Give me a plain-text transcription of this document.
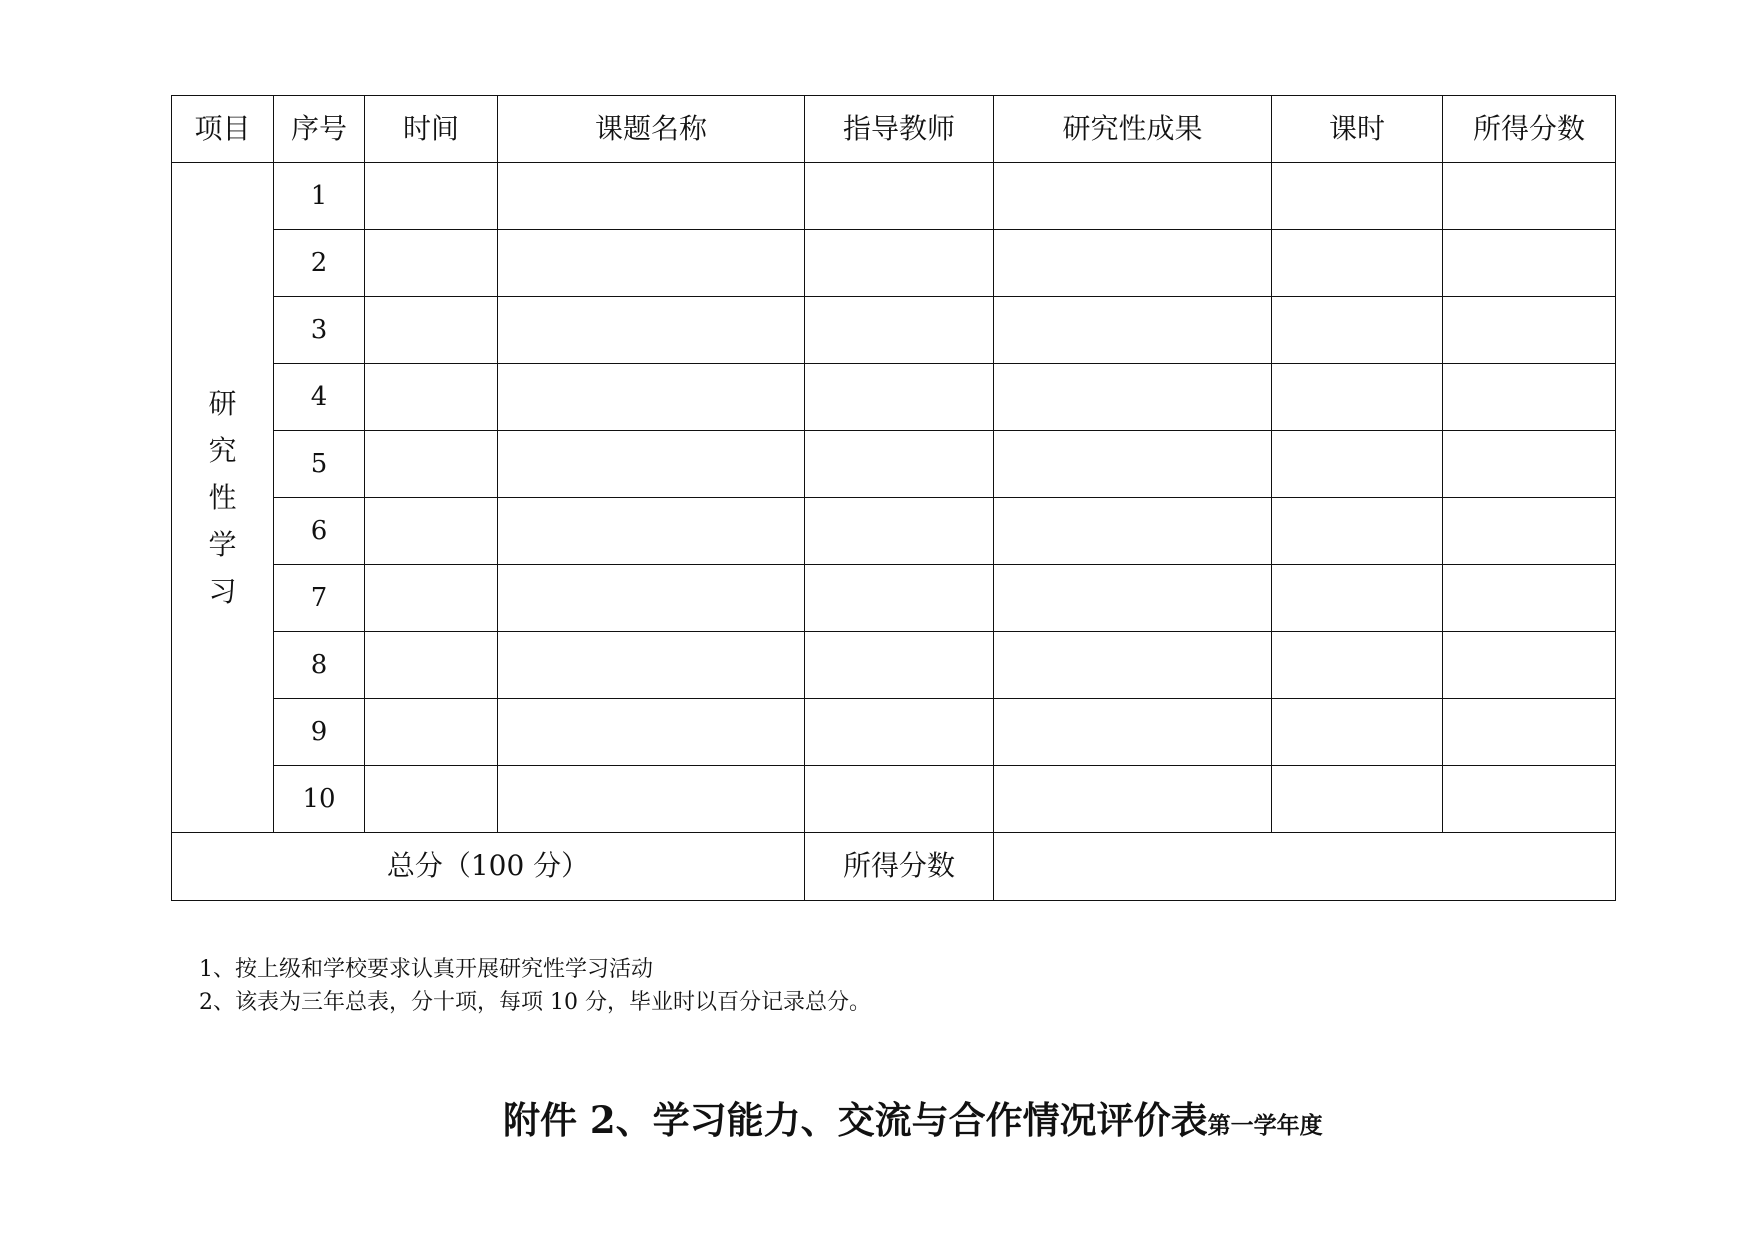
项目	序号	时间	课题名称	指导教师	研究性成果	课时	所得分数
研究性学习	1						
	2						
	3						
	4						
	5						
	6						
	7						
	8						
	9						
	10						
总分（100 分）				所得分数			
1、按上级和学校要求认真开展研究性学习活动
2、该表为三年总表，分十项，每项 10 分，毕业时以百分记录总分。
附件 2、学习能力、交流与合作情况评价表第一学年度
